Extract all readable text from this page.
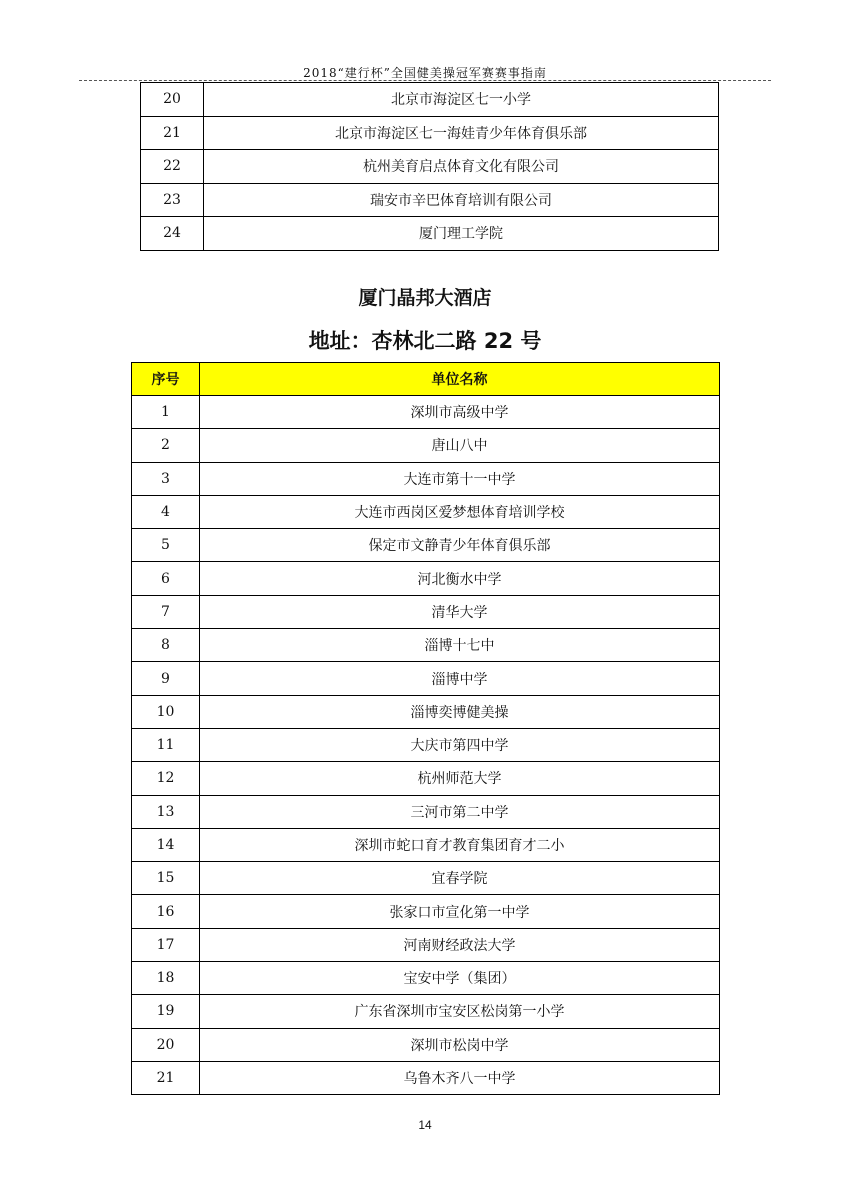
2018“建行杯”全国健美操冠军赛赛事指南
20	北京市海淀区七一小学
21	北京市海淀区七一海娃青少年体育俱乐部
22	杭州美育启点体育文化有限公司
23	瑞安市辛巴体育培训有限公司
24	厦门理工学院
厦门晶邦大酒店
地址：杏林北二路 22 号
序号	单位名称
1	深圳市高级中学
2	唐山八中
3	大连市第十一中学
4	大连市西岗区爱梦想体育培训学校
5	保定市文静青少年体育俱乐部
6	河北衡水中学
7	清华大学
8	淄博十七中
9	淄博中学
10	淄博奕博健美操
11	大庆市第四中学
12	杭州师范大学
13	三河市第二中学
14	深圳市蛇口育才教育集团育才二小
15	宜春学院
16	张家口市宣化第一中学
17	河南财经政法大学
18	宝安中学（集团）
19	广东省深圳市宝安区松岗第一小学
20	深圳市松岗中学
21	乌鲁木齐八一中学
14
